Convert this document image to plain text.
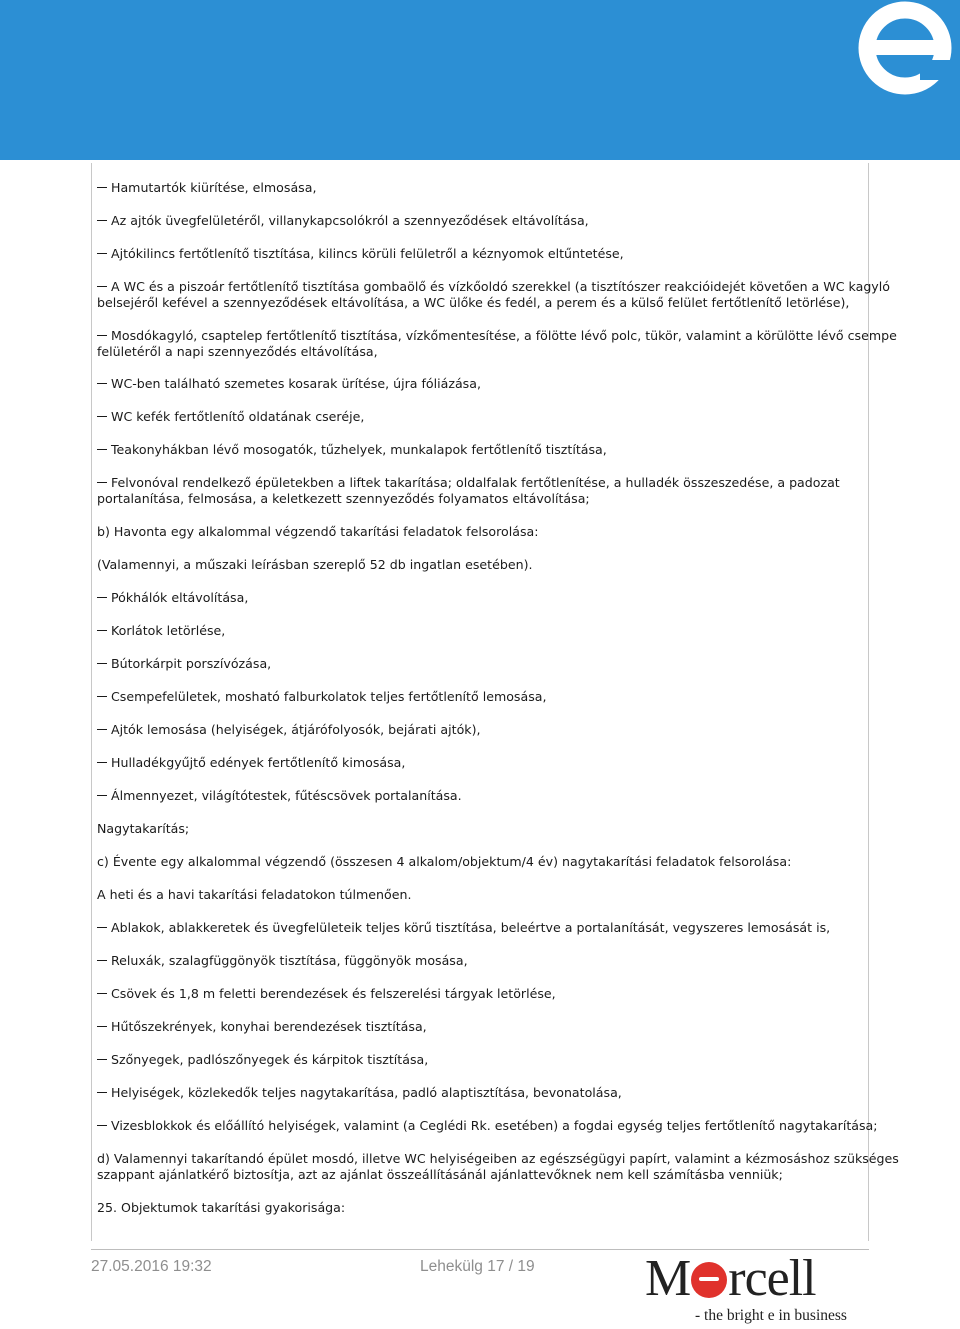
Hamutartók kiürítése, elmosása,
Az ajtók üvegfelületéről, villanykapcsolókról a szennyeződések eltávolítása,
Ajtókilincs fertőtlenítő tisztítása, kilincs körüli felületről a kéznyomok eltűntetése,
A WC és a piszoár fertőtlenítő tisztítása gombaölő és vízkőoldó szerekkel (a tisztítószer reakcióidejét követően a WC kagyló
belsejéről kefével a szennyeződések eltávolítása, a WC ülőke és fedél, a perem és a külső felület fertőtlenítő letörlése),
Mosdókagyló, csaptelep fertőtlenítő tisztítása, vízkőmentesítése, a fölötte lévő polc, tükör, valamint a körülötte lévő csempe
felületéről a napi szennyeződés eltávolítása,
WC-ben található szemetes kosarak ürítése, újra fóliázása,
WC kefék fertőtlenítő oldatának cseréje,
Teakonyhákban lévő mosogatók, tűzhelyek, munkalapok fertőtlenítő tisztítása,
Felvonóval rendelkező épületekben a liftek takarítása; oldalfalak fertőtlenítése, a hulladék összeszedése, a padozat
portalanítása, felmosása, a keletkezett szennyeződés folyamatos eltávolítása;
b) Havonta egy alkalommal végzendő takarítási feladatok felsorolása:
(Valamennyi, a műszaki leírásban szereplő 52 db ingatlan esetében).
Pókhálók eltávolítása,
Korlátok letörlése,
Bútorkárpit porszívózása,
Csempefelületek, mosható falburkolatok teljes fertőtlenítő lemosása,
Ajtók lemosása (helyiségek, átjárófolyosók, bejárati ajtók),
Hulladékgyűjtő edények fertőtlenítő kimosása,
Álmennyezet, világítótestek, fűtéscsövek portalanítása.
Nagytakarítás;
c) Évente egy alkalommal végzendő (összesen 4 alkalom/objektum/4 év) nagytakarítási feladatok felsorolása:
A heti és a havi takarítási feladatokon túlmenően.
Ablakok, ablakkeretek és üvegfelületeik teljes körű tisztítása, beleértve a portalanítását, vegyszeres lemosását is,
Reluxák, szalagfüggönyök tisztítása, függönyök mosása,
Csövek és 1,8 m feletti berendezések és felszerelési tárgyak letörlése,
Hűtőszekrények, konyhai berendezések tisztítása,
Szőnyegek, padlószőnyegek és kárpitok tisztítása,
Helyiségek, közlekedők teljes nagytakarítása, padló alaptisztítása, bevonatolása,
Vizesblokkok és előállító helyiségek, valamint (a Ceglédi Rk. esetében) a fogdai egység teljes fertőtlenítő nagytakarítása;
d) Valamennyi takarítandó épület mosdó, illetve WC helyiségeiben az egészségügyi papírt, valamint a kézmosáshoz szükséges
szappant ajánlatkérő biztosítja, azt az ajánlat összeállításánál ajánlattevőknek nem kell számításba venniük;
25. Objektumok takarítási gyakorisága:
27.05.2016 19:32	Lehekülg 17 / 19 M rcell
- the bright e in business
